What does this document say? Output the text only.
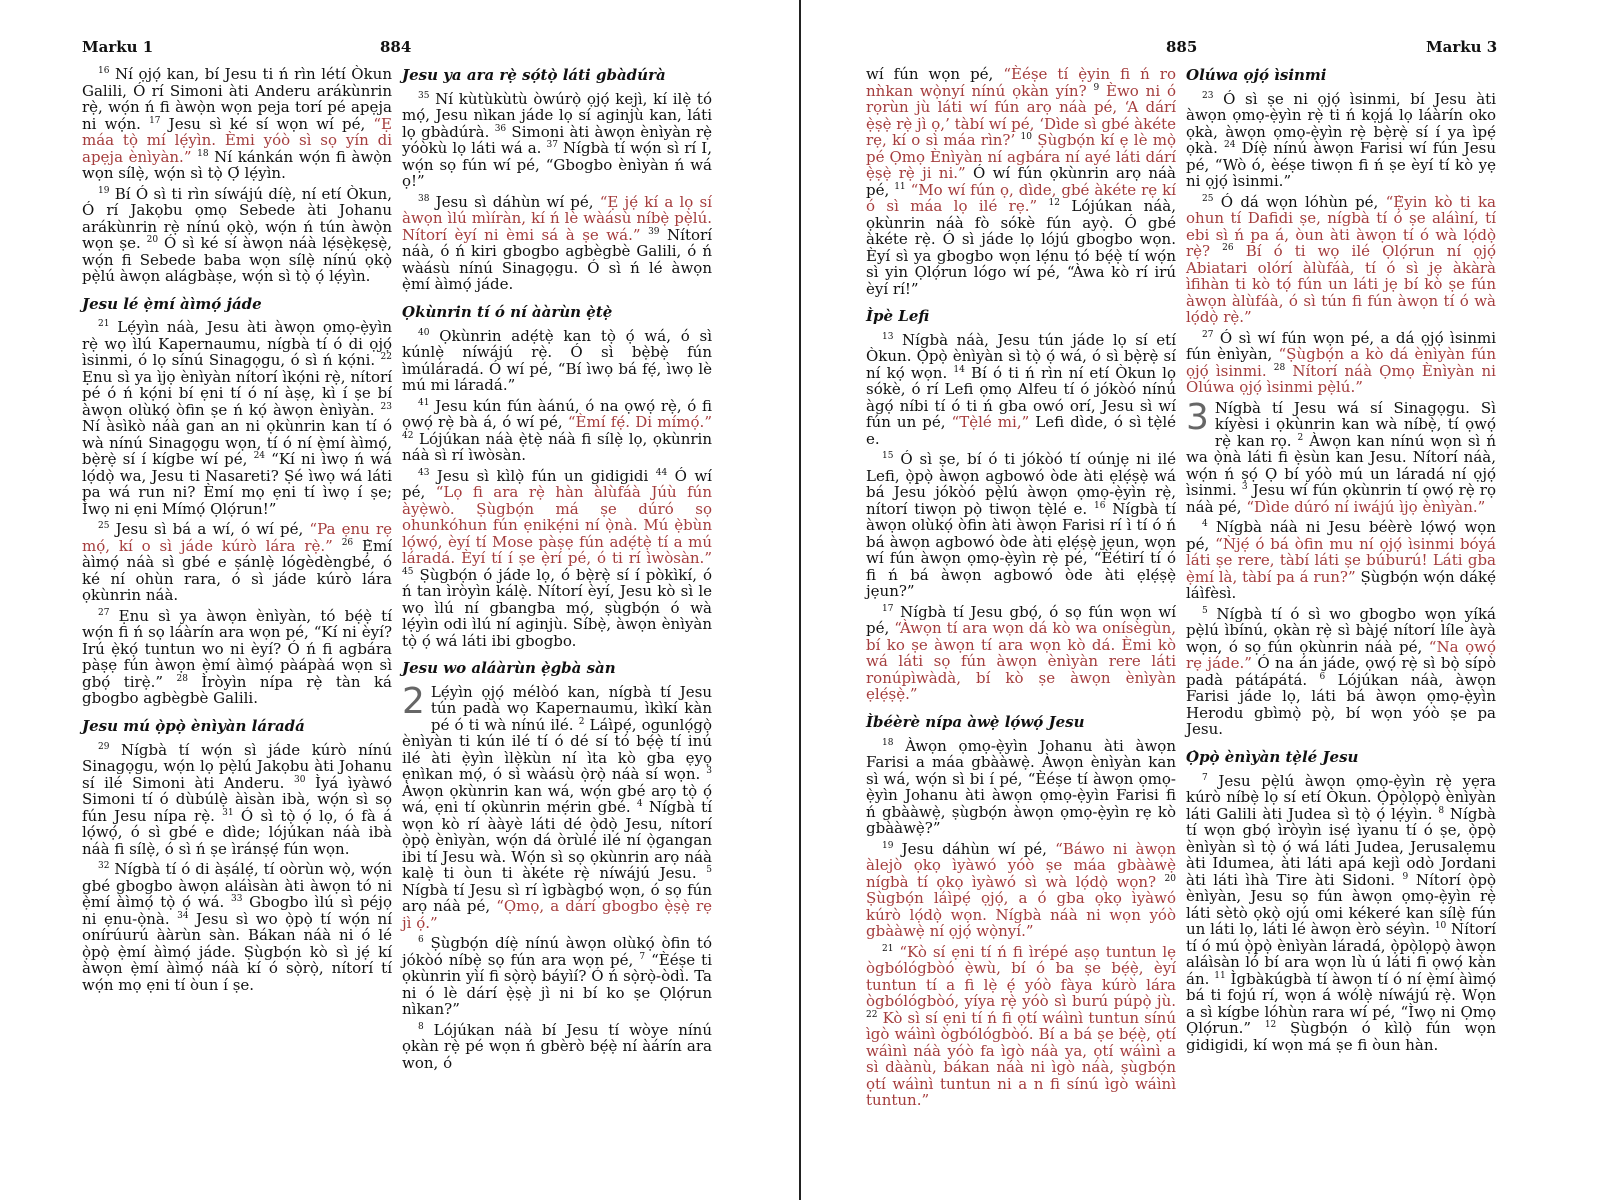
Marku 1	884

$^{16}$ Ní ọjọ́ kan, bí Jesu ti ń rìn létí Òkun Galili, Ó rí Simoni àti Anderu arákùnrin rẹ̀, wọ́n ń fi àwọ̀n wọn peja torí pé apẹja ni wọ́n. $^{17}$ Jesu sì ké sí wọn wí pé, “Ẹ máa tọ̀ mí lẹ́yìn. Èmi yóò sì sọ yín di apẹja ènìyàn.” $^{18}$ Ní kánkán wọ́n fi àwọ̀n wọn sílẹ̀, wọ́n sì tọ̀ Ọ́ lẹ́yìn.

$^{19}$ Bí Ó sì ti rìn síwájú díẹ̀, ní etí Òkun, Ó rí Jakọbu ọmọ Sebede àti Johanu arákùnrin rẹ̀ nínú ọkọ̀, wọ́n ń tún àwọ̀n wọn ṣe. $^{20}$ Ó sì ké sí àwọn náà lẹ́sẹ̀kẹsẹ̀, wọ́n fi Sebede baba wọn sílẹ̀ nínú ọkọ̀ pẹ̀lú àwọn alágbàṣe, wọ́n sì tọ̀ ọ́ lẹ́yìn.

Jesu lé ẹ̀mí àìmọ́ jáde

$^{21}$ Lẹ́yìn náà, Jesu àti àwọn ọmọ-ẹ̀yìn rẹ̀ wọ ìlú Kapernaumu, nígbà tí ó di ọjọ́ ìsinmi, ó lọ sínú Sinagọgu, ó sì ń kọ́ni. $^{22}$ Ẹnu sì ya ìjọ ènìyàn nítorí ìkọ́ni rẹ̀, nítorí pé ó ń kọ́ni bí ẹni tí ó ní àṣẹ, kì í ṣe bí àwọn olùkọ́ òfin ṣe ń kọ́ àwọn ènìyàn. $^{23}$ Ní àsìkò náà gan an ni ọkùnrin kan tí ó wà nínú Sinagọgu wọn, tí ó ní ẹ̀mí àìmọ́, bẹ̀rẹ̀ sí í kígbe wí pé, $^{24}$ “Kí ni ìwọ ń wá lọ́dọ̀ wa, Jesu ti Nasareti? Ṣé ìwọ wá láti pa wá run ni? Èmí mọ ẹni tí ìwọ í ṣe; Ìwọ ni ẹni Mímọ́ Ọlọ́run!”

$^{25}$ Jesu sì bá a wí, ó wí pé, “Pa ẹnu rẹ mọ́, kí o sì jáde kúrò lára rẹ̀.” $^{26}$ Ẹ̀mí àìmọ́ náà sì gbé e ṣánlẹ̀ lógèdèngbé, ó ké ní ohùn rara, ó sì jáde kúrò lára ọkùnrin náà.

$^{27}$ Ẹnu sì ya àwọn ènìyàn, tó bẹ́ẹ̀ tí wọ́n fi ń sọ láàrín ara wọn pé, “Kí ni èyí? Irú ẹ̀kọ́ tuntun wo ni èyí? Ó ń fi agbára pàṣẹ fún àwọn ẹ̀mí àìmọ́ pàápàá wọn sì gbọ́ tirẹ̀.” $^{28}$ Ìròyìn nípa rẹ̀ tàn ká gbogbo agbègbè Galili.

Jesu mú ọ̀pọ̀ ènìyàn láradá

$^{29}$ Nígbà tí wọ́n sì jáde kúrò nínú Sinagọgu, wọ́n lọ pẹ̀lú Jakọbu àti Johanu sí ilé Simoni àti Anderu. $^{30}$ Ìyá ìyàwó Simoni tí ó dùbúlẹ̀ àìsàn ibà, wọ́n sì sọ fún Jesu nípa rẹ̀. $^{31}$ Ó sì tọ̀ ọ́ lọ, ó fà á lọ́wọ́, ó sì gbé e dìde; lójúkan náà ibà náà fi sílẹ̀, ó sì ń ṣe ìránṣẹ́ fún wọn.

$^{32}$ Nígbà tí ó di àṣálẹ́, tí oòrùn wọ̀, wọ́n gbé gbogbo àwọn aláìsàn àti àwọn tó ni ẹ̀mí àìmọ́ tọ̀ ọ́ wá. $^{33}$ Gbogbo ìlú sì péjọ ni ẹnu-ọ̀nà. $^{34}$ Jesu sì wo ọ̀pọ̀ tí wọ́n ní onírúurú ààrùn sàn. Bákan náà ni ó lé ọ̀pọ̀ ẹ̀mí àìmọ́ jáde. Ṣùgbọ́n kò sì jẹ́ kí àwọn ẹ̀mí àìmọ́ náà kí ó sọ̀rọ̀, nítorí tí wọ́n mọ ẹni tí òun í ṣe.

Jesu ya ara rẹ̀ sọ́tọ̀ láti gbàdúrà

$^{35}$ Ní kùtùkùtù òwúrọ̀ ọjọ́ kejì, kí ilẹ̀ tó mọ́, Jesu nìkan jáde lọ sí aginjù kan, láti lọ gbàdúrà. $^{36}$ Simoni àti àwọn ènìyàn rẹ̀ yóòkù lọ láti wá a. $^{37}$ Nígbà tí wọ́n sì rí I, wọ́n sọ fún wí pé, “Gbogbo ènìyàn ń wá ọ!”

$^{38}$ Jesu sì dáhùn wí pé, “Ẹ jẹ́ kí a lọ sí àwọn ìlú mìíràn, kí ń lè wàásù níbẹ̀ pẹ̀lú. Nítorí èyí ni èmi sá à ṣe wá.” $^{39}$ Nítorí náà, ó ń kiri gbogbo agbègbè Galili, ó ń wàásù nínú Sinagọgu. Ó sì ń lé àwọn ẹ̀mí àìmọ́ jáde.

Ọkùnrin tí ó ní ààrùn ẹ̀tẹ̀

$^{40}$ Ọkùnrin adẹ́tẹ̀ kan tọ̀ ọ́ wá, ó sì kúnlẹ̀ níwájú rẹ̀. Ó sì bẹ̀bẹ̀ fún ìmúláradá. Ó wí pé, “Bí ìwọ bá fẹ́, ìwọ lè mú mi láradá.”

$^{41}$ Jesu kún fún àánú, ó na ọwọ́ rẹ̀, ó fi ọwọ́ rẹ̀ bà á, ó wí pé, “Èmí fẹ́. Di mímọ́.” $^{42}$ Lójúkan náà ẹ̀tẹ̀ náà fi sílẹ̀ lọ, ọkùnrin náà sì rí ìwòsàn.

$^{43}$ Jesu sì kìlọ̀ fún un gidigidi $^{44}$ Ó wí pé, “Lọ fi ara rẹ̀ hàn àlùfáà Júù fún àyẹ̀wò. Ṣùgbọ́n má ṣe dúró sọ ohunkóhun fún ẹnikẹ́ni ní ọ̀nà. Mú ẹ̀bùn lọ́wọ́, èyí tí Mose pàṣẹ fún adẹ́tẹ̀ tí a mú láradá. Èyí tí í ṣe ẹ̀rí pé, ó ti rí ìwòsàn.” $^{45}$ Ṣùgbọ́n ó jáde lọ, ó bẹ̀rẹ̀ sí í pòkìkí, ó ń tan ìròyìn kálẹ̀. Nítorí èyí, Jesu kò sì le wọ ìlú ní gbangba mọ́, ṣùgbọ́n ó wà lẹ́yìn odi ìlú ní aginjù. Síbẹ̀, àwọn ènìyàn tọ̀ ọ́ wá láti ibi gbogbo.

Jesu wo aláàrùn ẹ̀gbà sàn

2 Lẹ́yìn ọjọ́ mélòó kan, nígbà tí Jesu tún padà wọ Kapernaumu, ìkìkí kàn pé ó ti wà nínú ilé. $^2$ Láìpẹ́, ogunlọ́gọ̀ ènìyàn ti kún ilé tí ó dé sí tó bẹ́ẹ̀ tí inú ilé àti ẹ̀yìn ìlẹ̀kùn ní ìta kò gba ẹyọ ẹnìkan mọ́, ó sì wàásù ọ̀rọ̀ náà sí wọn. $^3$ Àwọn ọkùnrin kan wá, wọ́n gbé arọ tọ̀ ọ́ wá, ẹni tí ọkùnrin mẹ́rin gbé. $^4$ Nígbà tí wọn kò rí ààyè láti dé ọ̀dọ̀ Jesu, nítorí ọ̀pọ̀ ènìyàn, wọ́n dá òrùlé ilé ní ọ̀gangan ibi tí Jesu wà. Wọ́n sì sọ ọkùnrin arọ náà kalẹ̀ ti òun ti àkéte rẹ̀ níwájú Jesu. $^5$ Nígbà tí Jesu sì rí ìgbàgbọ́ wọn, ó sọ fún arọ náà pé, “Ọmọ, a dárí gbogbo ẹ̀ṣẹ̀ rẹ jì ọ́.”

$^6$ Ṣùgbọ́n díẹ̀ nínú àwọn olùkọ́ òfin tó jókòó níbẹ̀ sọ fún ara wọn pé, $^7$ “Èéṣe ti ọkùnrin yìí fi sọ̀rọ̀ báyìí? Ó ń sọ̀rọ̀-òdì. Ta ni ó lè dárí ẹ̀ṣẹ̀ jì ni bí ko ṣe Ọlọ́run nìkan?”

$^8$ Lójúkan náà bí Jesu tí wòye nínú ọkàn rẹ̀ pé wọn ń gbèrò bẹ́ẹ̀ ní àárín ara won, ó

885	Marku 3

wí fún wọn pé, “Èéṣe tí ẹ̀yin fi ń ro nǹkan wọ̀nyí nínú ọkàn yín? $^9$ Èwo ni ó rọrùn jù láti wí fún arọ náà pé, ‘A dárí ẹ̀ṣẹ̀ rẹ̀ jì ọ,’ tàbí wí pé, ‘Dìde sì gbé àkéte rẹ, kí o sì máa rìn?’ $^{10}$ Ṣùgbọ́n kí ẹ lè mọ̀ pé Ọmọ Ènìyàn ní agbára ní ayé láti dárí ẹ̀ṣẹ̀ rẹ̀ ji ni.” Ó wí fún ọkùnrin arọ náà pé, $^{11}$ “Mo wí fún ọ, dìde, gbé àkéte rẹ kí ó sì máa lọ ilé rẹ.” $^{12}$ Lójúkan náà, ọkùnrin náà fò sókè fún ayọ̀. Ó gbé àkéte rẹ̀. Ó sì jáde lọ lójú gbogbo wọn. Èyí sì ya gbogbo wọn lẹ́nu tó bẹ́ẹ̀ tí wọ́n sì yin Ọlọ́run lógo wí pé, “Àwa kò rí irú èyí rí!”

Ìpè Lefi

$^{13}$ Nígbà náà, Jesu tún jáde lọ sí etí Òkun. Ọ̀pọ̀ ènìyàn sì tọ̀ ọ́ wá, ó sì bẹ̀rẹ̀ sí ní kọ́ wọn. $^{14}$ Bí ó ti ń rìn ní etí Òkun lọ sókè, ó rí Lefi ọmọ Alfeu tí ó jókòó nínú àgọ́ níbi tí ó ti ń gba owó orí, Jesu sì wí fún un pé, “Tẹ̀lé mi,” Lefi dìde, ó sì tẹ̀lé e.

$^{15}$ Ó sì ṣe, bí ó ti jókòó tí oúnjẹ ni ilé Lefi, ọ̀pọ̀ àwọn agbowó òde àti ẹlẹ́ṣẹ̀ wá bá Jesu jókòó pẹ̀lú àwọn ọmọ-ẹ̀yìn rẹ̀, nítorí tiwọn pọ̀ tiwọn tẹ̀lé e. $^{16}$ Nígbà tí àwọn olùkọ́ òfin àti àwọn Farisi rí ì tí ó ń bá àwọn agbowó òde àti ẹlẹ́ṣẹ̀ jẹun, wọn wí fún àwọn ọmọ-ẹ̀yìn rẹ̀ pé, “Èétirí tí ó fi ń bá àwọn agbowó òde àti ẹlẹ́ṣẹ̀ jẹun?”

$^{17}$ Nígbà tí Jesu gbọ́, ó sọ fún wọn wí pé, “Àwọn tí ara wọn dá kò wa onísègùn, bí ko ṣe àwọn tí ara wọn kò dá. Èmi kò wá láti sọ fún àwọn ènìyàn rere láti ronúpìwàdà, bí kò ṣe àwọn ènìyàn ẹlẹ́ṣẹ̀.”

Ìbéèrè nípa àwẹ̀ lọ́wọ́ Jesu

$^{18}$ Àwọn ọmọ-ẹ̀yìn Johanu àti àwọn Farisi a máa gbààwẹ̀. Àwọn ènìyàn kan sì wá, wọ́n sì bi í pé, “Èéṣe tí àwọn ọmọ-ẹ̀yìn Johanu àti àwọn ọmọ-ẹ̀yìn Farisi fi ń gbààwẹ̀, ṣùgbọ́n àwọn ọmọ-ẹ̀yìn rẹ kò gbààwẹ̀?”

$^{19}$ Jesu dáhùn wí pé, “Báwo ni àwọn àlejò ọkọ ìyàwó yóò ṣe máa gbààwẹ̀ nígbà tí ọkọ ìyàwó sì wà lọ́dọ̀ wọn? $^{20}$ Ṣùgbọ́n láìpẹ́ ọjọ́, a ó gba ọkọ ìyàwó kúrò lọ́dọ̀ wọn. Nígbà náà ni wọn yóò gbààwẹ̀ ní ọjọ́ wọ̀nyí.”

$^{21}$ “Kò sí ẹni tí ń fi ìrépé aṣọ tuntun lẹ ògbólógbòó ẹ̀wù, bí ó ba ṣe bẹ́ẹ̀, èyí tuntun tí a fi lẹ̀ ẹ́ yóò fàya kúrò lára ògbólógbòó, yíya rẹ̀ yóò sì burú púpọ̀ jù. $^{22}$ Kò sì sí ẹni tí ń fi ọtí wáìnì tuntun sínú ìgò wáìnì ògbólógbòó. Bí a bá ṣe bẹ́ẹ̀, ọtí wáìnì náà yóò fa ìgò náà ya, ọtí wáìnì a sì dàànù, bákan náà ni ìgò náà, ṣùgbọ́n ọtí wáìnì tuntun ni a n fi sínú ìgò wáìnì tuntun.”

Olúwa ọjọ́ ìsinmi

$^{23}$ Ó sì ṣe ni ọjọ́ ìsinmi, bí Jesu àti àwọn ọmọ-ẹ̀yìn rẹ̀ ti ń kọjá lọ láàrín oko ọkà, àwọn ọmọ-ẹ̀yìn rẹ̀ bẹ̀rẹ̀ sí í ya ìpẹ́ ọkà. $^{24}$ Díẹ̀ nínú àwọn Farisi wí fún Jesu pé, “Wò ó, èéṣe tiwọn fi ń ṣe èyí tí kò yẹ ni ọjọ́ ìsinmi.”

$^{25}$ Ó dá wọn lóhùn pé, “Ẹ̀yin kò ti ka ohun tí Dafidi ṣe, nígbà tí ó ṣe aláìní, tí ebi sì ń pa á, òun àti àwọn tí ó wà lọ́dọ̀ rẹ̀? $^{26}$ Bí ó ti wọ ilé Ọlọ́run ní ọjọ́ Abiatari olórí àlùfáà, tí ó sì jẹ àkàrà ìfihàn ti kò tọ́ fún un láti jẹ bí kò ṣe fún àwọn àlùfáà, ó sì tún fi fún àwọn tí ó wà lọ́dọ̀ rẹ̀.”

$^{27}$ Ó sì wí fún wọn pé, a dá ọjọ́ ìsinmi fún ènìyàn, “Ṣùgbọ́n a kò dá ènìyàn fún ọjọ́ ìsinmi. $^{28}$ Nítorí náà Ọmọ Ènìyàn ni Olúwa ọjọ́ ìsinmi pẹ̀lú.”

3 Nígbà tí Jesu wá sí Sinagọgu. Sì kíyèsi i ọkùnrin kan wà níbẹ̀, tí ọwọ́ rẹ̀ kan rọ. $^2$ Àwọn kan nínú wọn sì ń wa ọ̀nà láti fi ẹ̀sùn kan Jesu. Nítorí náà, wọ́n ń ṣọ́ Ọ bí yóò mú un láradá ní ọjọ́ ìsinmi. $^3$ Jesu wí fún ọkùnrin tí ọwọ́ rẹ̀ rọ náà pé, “Dìde dúró ní iwájú ìjọ ènìyàn.”

$^4$ Nígbà náà ni Jesu béèrè lọ́wọ́ wọn pé, “Ǹjẹ́ ó bá òfin mu ní ọjọ́ ìsinmi bóyá láti ṣe rere, tàbí láti ṣe búburú! Láti gba ẹ̀mí là, tàbí pa á run?” Ṣùgbọ́n wọ́n dákẹ́ láìfèsì.

$^5$ Nígbà tí ó sì wo gbogbo wọn yíká pẹ̀lú ìbínú, ọkàn rẹ̀ sì bàjẹ́ nítorí líle àyà wọn, ó sọ fún ọkùnrin náà pé, “Na ọwọ́ rẹ jáde.” Ó na án jáde, ọwọ́ rẹ̀ sì bọ̀ sípò padà pátápátá. $^6$ Lójúkan náà, àwọn Farisi jáde lọ, láti bá àwọn ọmọ-ẹ̀yìn Herodu gbìmọ̀ pọ̀, bí wọn yóò ṣe pa Jesu.

Ọ̀pọ̀ ènìyàn tẹ̀lé Jesu

$^7$ Jesu pẹ̀lú àwọn ọmọ-ẹ̀yìn rẹ̀ yẹra kúrò níbẹ̀ lọ sí etí Òkun. Ọ̀pọ̀lọpọ̀ ènìyàn láti Galili àti Judea sì tọ̀ ọ́ lẹ́yìn. $^8$ Nígbà tí wọn gbọ́ ìròyìn isẹ́ ìyanu tí ó ṣe, ọ̀pọ̀ ènìyàn sì tọ̀ ọ́ wá láti Judea, Jerusalẹmu àti Idumea, àti láti apá kejì odò Jordani àti láti ìhà Tire àti Sidoni. $^9$ Nítorí ọ̀pọ̀ ènìyàn, Jesu sọ fún àwọn ọmọ-ẹ̀yìn rẹ̀ láti sètò ọkọ̀ ojú omi kékeré kan sílẹ̀ fún un láti lọ, láti lé àwọn èrò séyìn. $^{10}$ Nítorí tí ó mú ọ̀pọ̀ ènìyàn láradá, ọ̀pọ̀lọpọ̀ àwọn aláìsàn ló bí ara wọn lù ú láti fi ọwọ́ kàn án. $^{11}$ Ìgbàkúgbà tí àwọn tí ó ní ẹ̀mí àìmọ́ bá ti fojú rí, wọn á wólẹ̀ níwájú rẹ̀. Wọn a sì kígbe lóhùn rara wí pé, “Ìwọ ni Ọmọ Ọlọ́run.” $^{12}$ Ṣùgbọ́n ó kìlọ̀ fún wọn gidigidi, kí wọn má ṣe fi òun hàn.
